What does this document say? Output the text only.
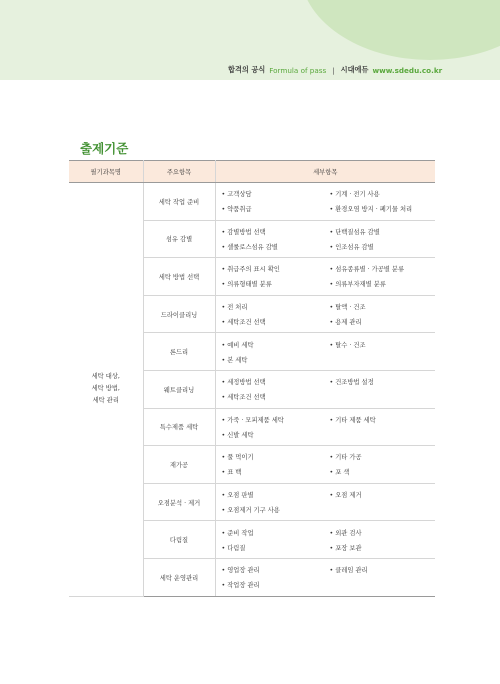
합격의 공식 Formula of pass | 시대에듀 www.sdedu.co.kr
출제기준
필기과목명	주요항목	세부항목
세탁 대상,
세탁 방법,
세탁 관리	세탁 작업 준비	• 고객상담 • 기계 · 전기 사용
• 약품취급 • 환경오염 방지 · 폐기물 처리

	섬유 감별	• 감별방법 선택 • 단백질섬유 감별
• 셀룰로스섬유 감별 • 인조섬유 감별

	세탁 방법 선택	• 취급주의 표시 확인 • 섬유종류별 · 가공별 분류
• 의류형태별 분류 • 의류부자재별 분류

	드라이클리닝	• 전 처리 • 탈액 · 건조
• 세탁조건 선택 • 용제 관리

	론드리	• 예비 세탁 • 탈수 · 건조
• 본 세탁

	웨트클리닝	• 세정방법 선택 • 건조방법 설정
• 세탁조건 선택

	특수제품 세탁	• 가죽 · 모피제품 세탁 • 기타 제품 세탁
• 신발 세탁

	재가공	• 풀 먹이기 • 기타 가공
• 표 백 • 포 색

	오점분석 · 제거	• 오점 판별 • 오점 제거
• 오점제거 기구 사용

	다림질	• 준비 작업 • 외관 검사
• 다림질 • 포장 보관

	세탁 운영관리	• 영업장 관리 • 클레임 관리
• 작업장 관리
